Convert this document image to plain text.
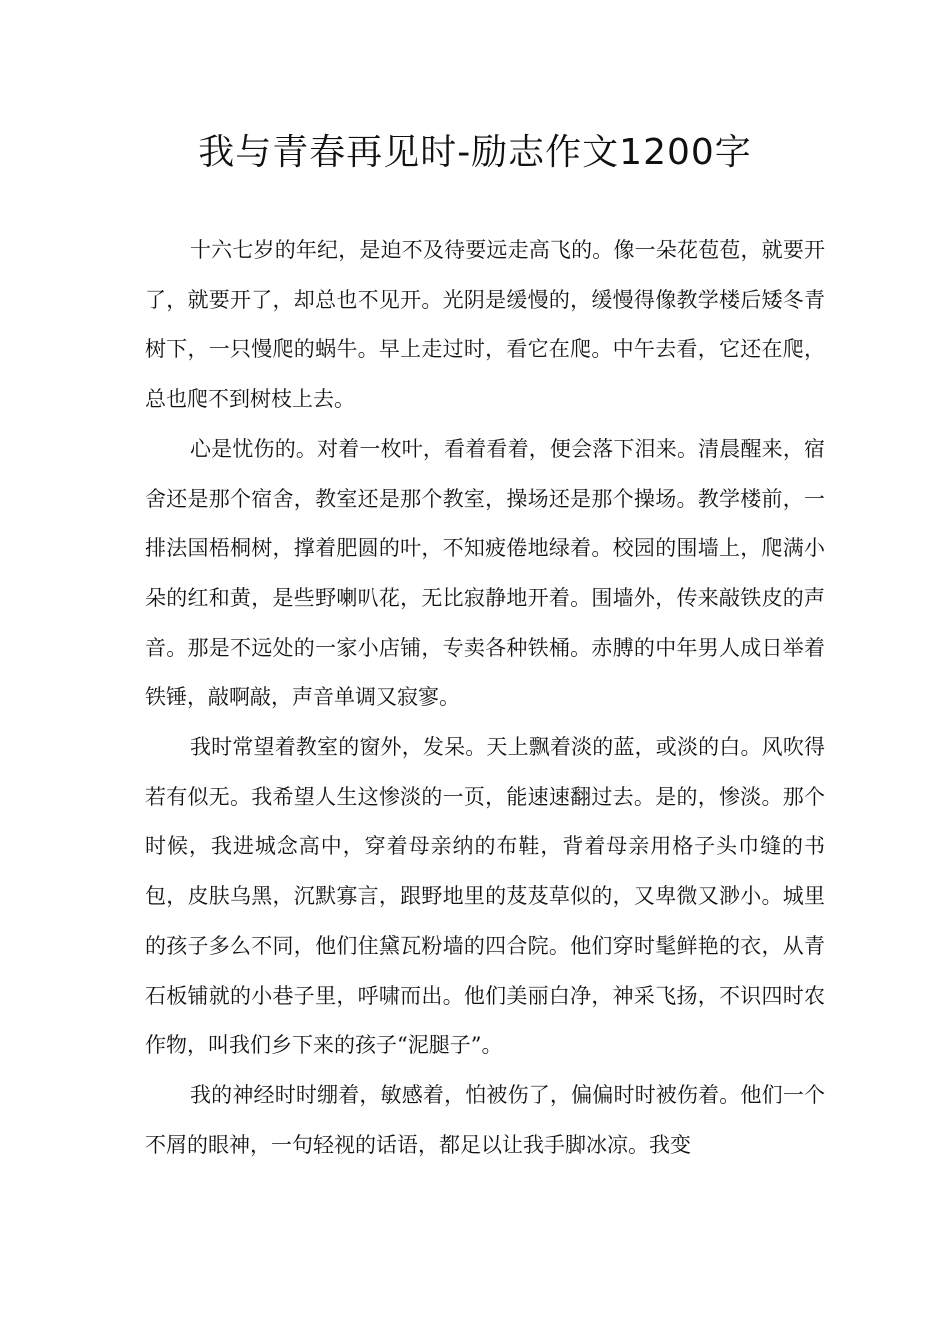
我与青春再见时-励志作文1200字

十六七岁的年纪，是迫不及待要远走高飞的。像一朵花苞苞，就要开了，就要开了，却总也不见开。光阴是缓慢的，缓慢得像教学楼后矮冬青树下，一只慢爬的蜗牛。早上走过时，看它在爬。中午去看，它还在爬，总也爬不到树枝上去。

心是忧伤的。对着一枚叶，看着看着，便会落下泪来。清晨醒来，宿舍还是那个宿舍，教室还是那个教室，操场还是那个操场。教学楼前，一排法国梧桐树，撑着肥圆的叶，不知疲倦地绿着。校园的围墙上，爬满小朵的红和黄，是些野喇叭花，无比寂静地开着。围墙外，传来敲铁皮的声音。那是不远处的一家小店铺，专卖各种铁桶。赤膊的中年男人成日举着铁锤，敲啊敲，声音单调又寂寥。

我时常望着教室的窗外，发呆。天上飘着淡的蓝，或淡的白。风吹得若有似无。我希望人生这惨淡的一页，能速速翻过去。是的，惨淡。那个时候，我进城念高中，穿着母亲纳的布鞋，背着母亲用格子头巾缝的书包，皮肤乌黑，沉默寡言，跟野地里的芨芨草似的，又卑微又渺小。城里的孩子多么不同，他们住黛瓦粉墙的四合院。他们穿时髦鲜艳的衣，从青石板铺就的小巷子里，呼啸而出。他们美丽白净，神采飞扬，不识四时农作物，叫我们乡下来的孩子“泥腿子”。

我的神经时时绷着，敏感着，怕被伤了，偏偏时时被伤着。他们一个不屑的眼神，一句轻视的话语，都足以让我手脚冰凉。我变
